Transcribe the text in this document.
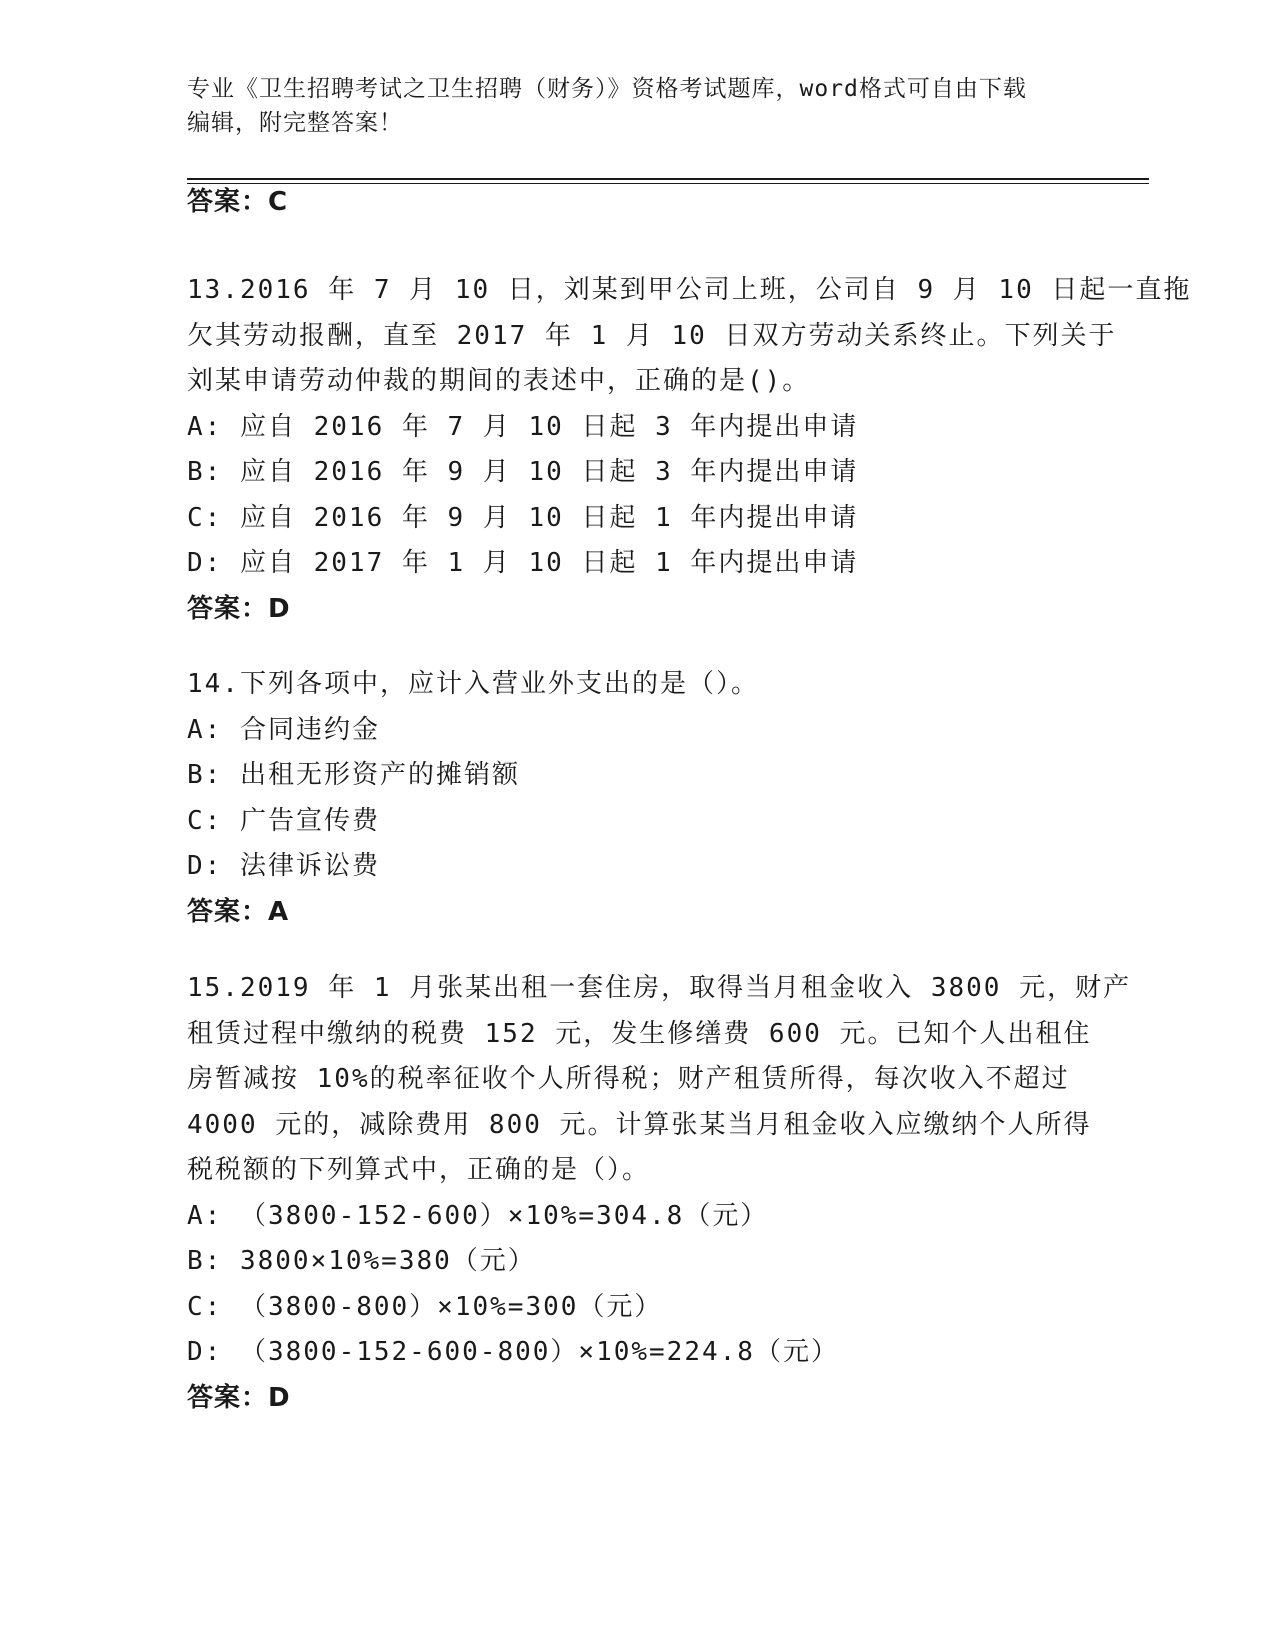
专业《卫生招聘考试之卫生招聘（财务）》资格考试题库，word格式可自由下载
编辑，附完整答案！
答案：C
13.2016 年 7 月 10 日，刘某到甲公司上班，公司自 9 月 10 日起一直拖
欠其劳动报酬，直至 2017 年 1 月 10 日双方劳动关系终止。下列关于
刘某申请劳动仲裁的期间的表述中，正确的是()。
A: 应自 2016 年 7 月 10 日起 3 年内提出申请
B: 应自 2016 年 9 月 10 日起 3 年内提出申请
C: 应自 2016 年 9 月 10 日起 1 年内提出申请
D: 应自 2017 年 1 月 10 日起 1 年内提出申请
答案：D
14.下列各项中，应计入营业外支出的是（）。
A: 合同违约金
B: 出租无形资产的摊销额
C: 广告宣传费
D: 法律诉讼费
答案：A
15.2019 年 1 月张某出租一套住房，取得当月租金收入 3800 元，财产
租赁过程中缴纳的税费 152 元，发生修缮费 600 元。已知个人出租住
房暂减按 10%的税率征收个人所得税；财产租赁所得，每次收入不超过
4000 元的，减除费用 800 元。计算张某当月租金收入应缴纳个人所得
税税额的下列算式中，正确的是（）。
A: （3800-152-600）×10%=304.8（元）
B: 3800×10%=380（元）
C: （3800-800）×10%=300（元）
D: （3800-152-600-800）×10%=224.8（元）
答案：D
